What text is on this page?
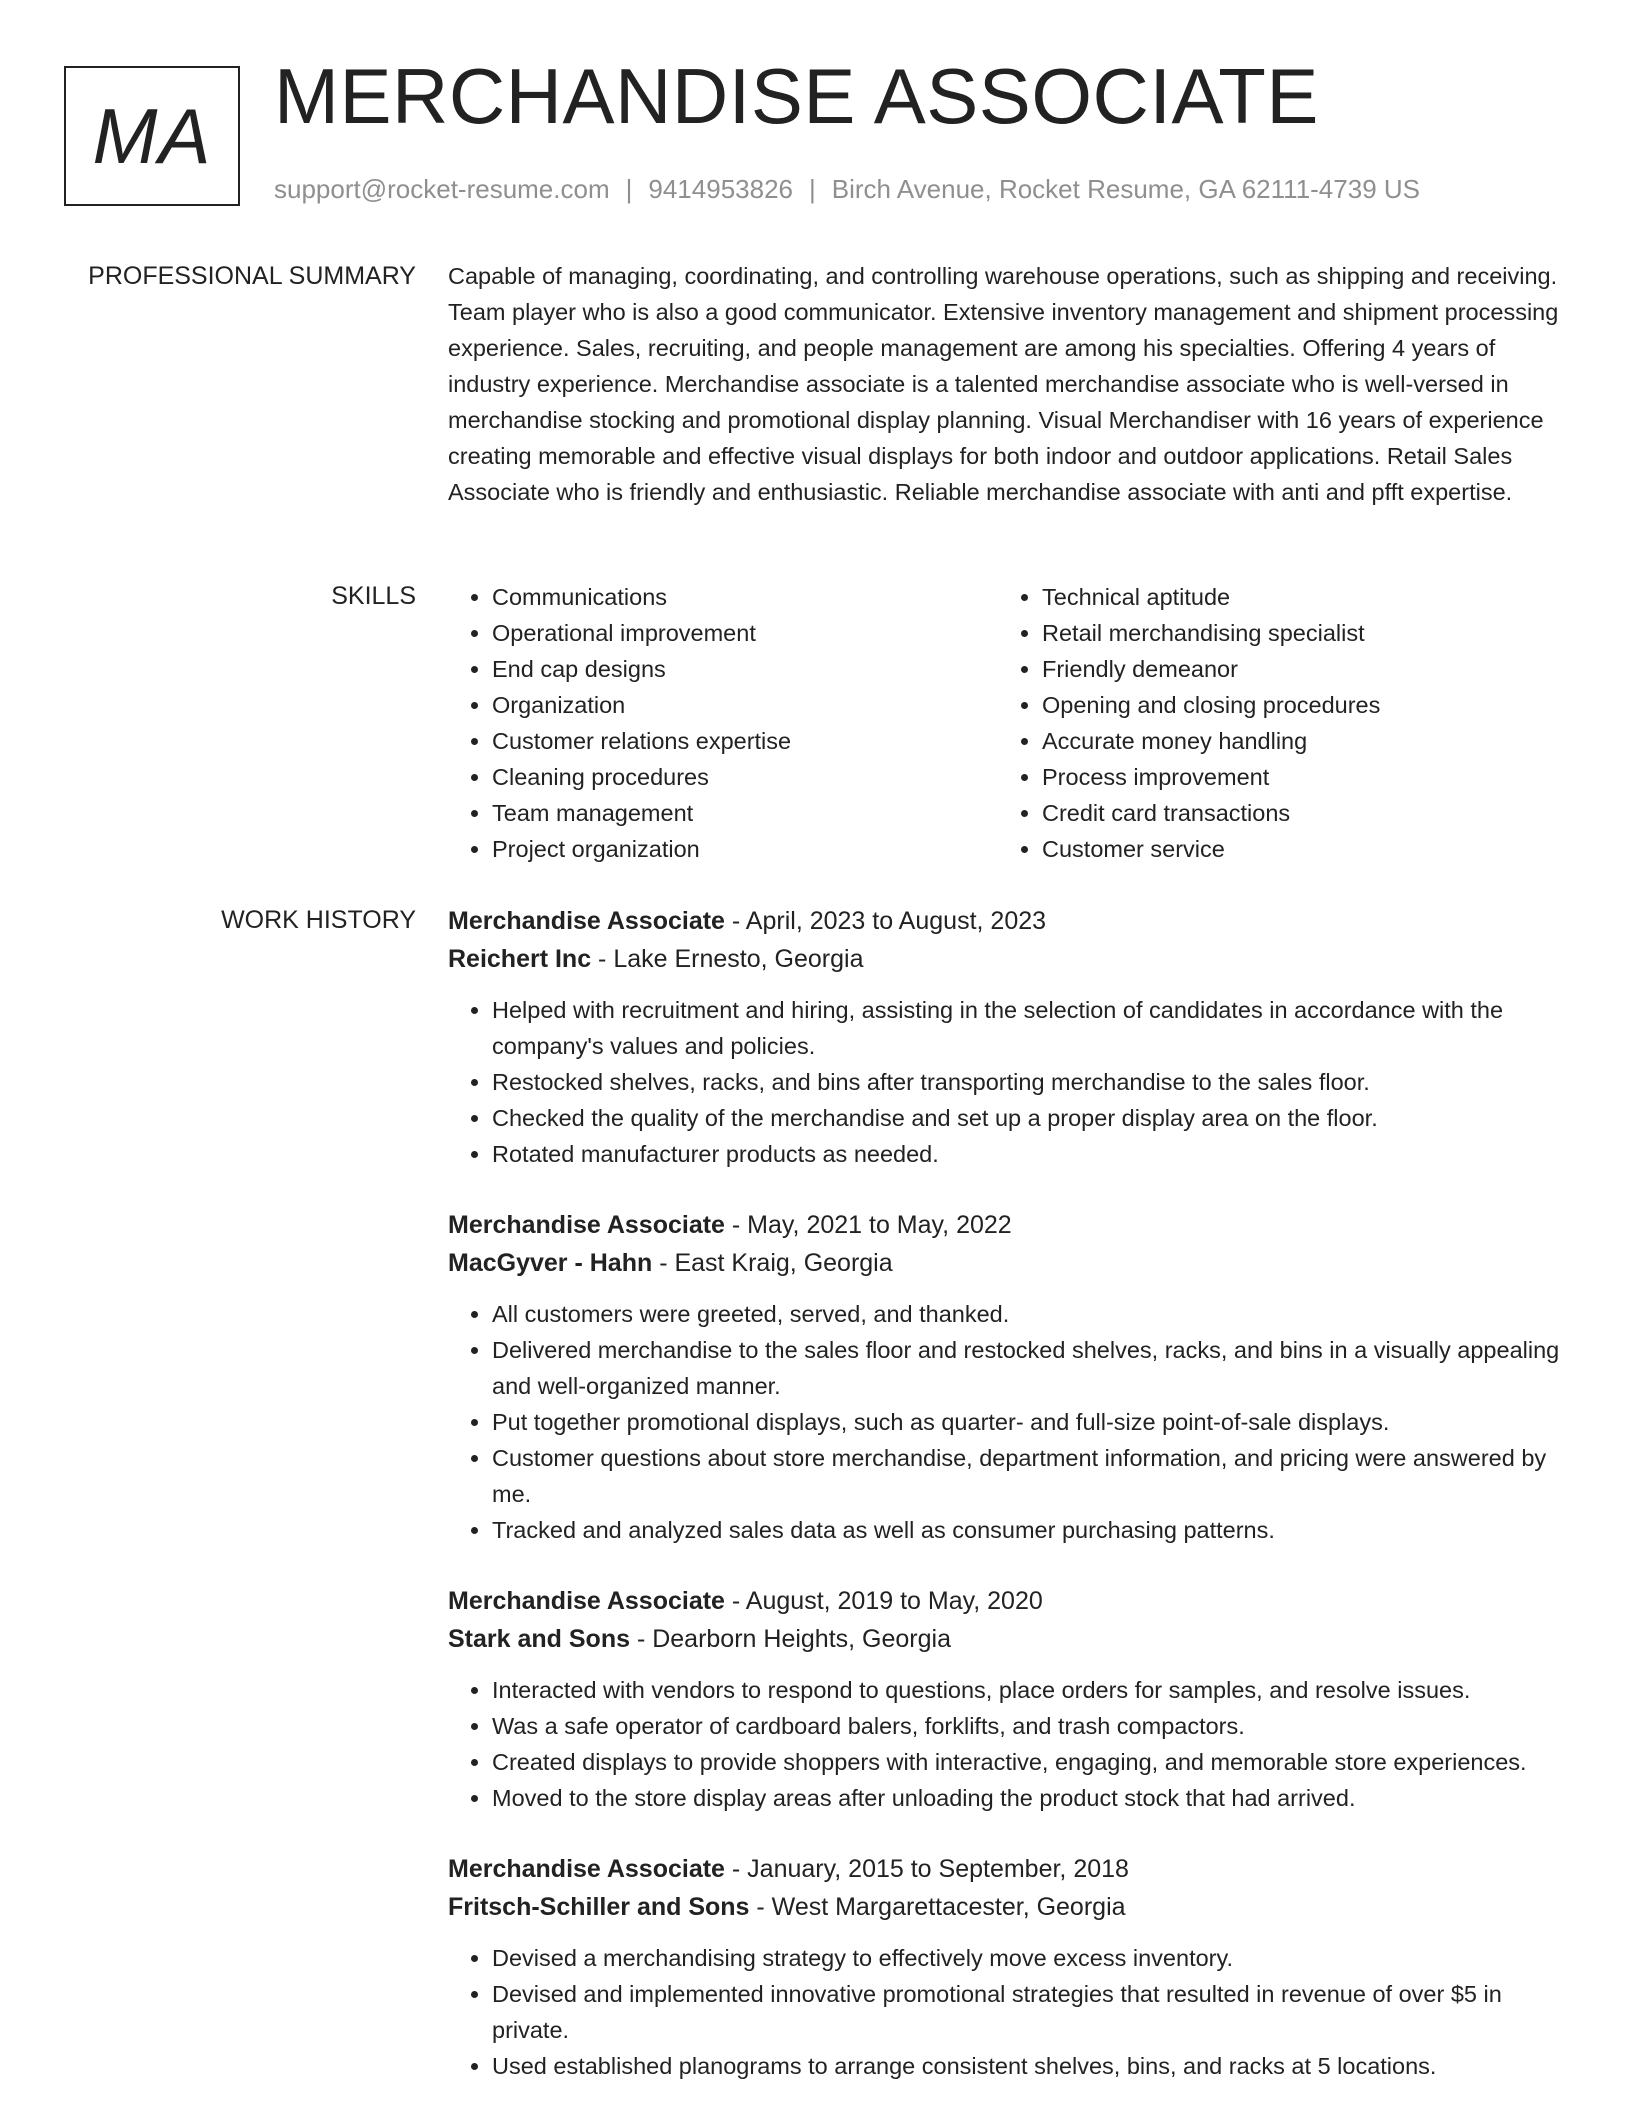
MA MERCHANDISE ASSOCIATE
support@rocket-resume.com | 9414953826 | Birch Avenue, Rocket Resume, GA 62111-4739 US
PROFESSIONAL SUMMARY Capable of managing, coordinating, and controlling warehouse operations, such as shipping and receiving. Team player who is also a good communicator. Extensive inventory management and shipment processing experience. Sales, recruiting, and people management are among his specialties. Offering 4 years of industry experience. Merchandise associate is a talented merchandise associate who is well-versed in merchandise stocking and promotional display planning. Visual Merchandiser with 16 years of experience creating memorable and effective visual displays for both indoor and outdoor applications. Retail Sales Associate who is friendly and enthusiastic. Reliable merchandise associate with anti and pfft expertise.

SKILLS
•	Communications
• Operational improvement
• End cap designs
• Organization
• Customer relations expertise
• Cleaning procedures
• Team management
• Project organization
• Technical aptitude
• Retail merchandising specialist
• Friendly demeanor
• Opening and closing procedures
• Accurate money handling
• Process improvement
• Credit card transactions
• Customer service
WORK HISTORY Merchandise Associate - April, 2023 to August, 2023
Reichert Inc - Lake Ernesto, Georgia
• Helped with recruitment and hiring, assisting in the selection of candidates in accordance with the company's values and policies.
• Restocked shelves, racks, and bins after transporting merchandise to the sales floor.
• Checked the quality of the merchandise and set up a proper display area on the floor.
• Rotated manufacturer products as needed.
Merchandise Associate - May, 2021 to May, 2022
MacGyver - Hahn - East Kraig, Georgia
• All customers were greeted, served, and thanked.
• Delivered merchandise to the sales floor and restocked shelves, racks, and bins in a visually appealing and well-organized manner.
• Put together promotional displays, such as quarter- and full-size point-of-sale displays.
• Customer questions about store merchandise, department information, and pricing were answered by me.
• Tracked and analyzed sales data as well as consumer purchasing patterns.
Merchandise Associate - August, 2019 to May, 2020
Stark and Sons - Dearborn Heights, Georgia
• Interacted with vendors to respond to questions, place orders for samples, and resolve issues.
• Was a safe operator of cardboard balers, forklifts, and trash compactors.
• Created displays to provide shoppers with interactive, engaging, and memorable store experiences.
• Moved to the store display areas after unloading the product stock that had arrived.
Merchandise Associate - January, 2015 to September, 2018
Fritsch-Schiller and Sons - West Margarettacester, Georgia
• Devised a merchandising strategy to effectively move excess inventory.
• Devised and implemented innovative promotional strategies that resulted in revenue of over $5 in private.
• Used established planograms to arrange consistent shelves, bins, and racks at 5 locations.
